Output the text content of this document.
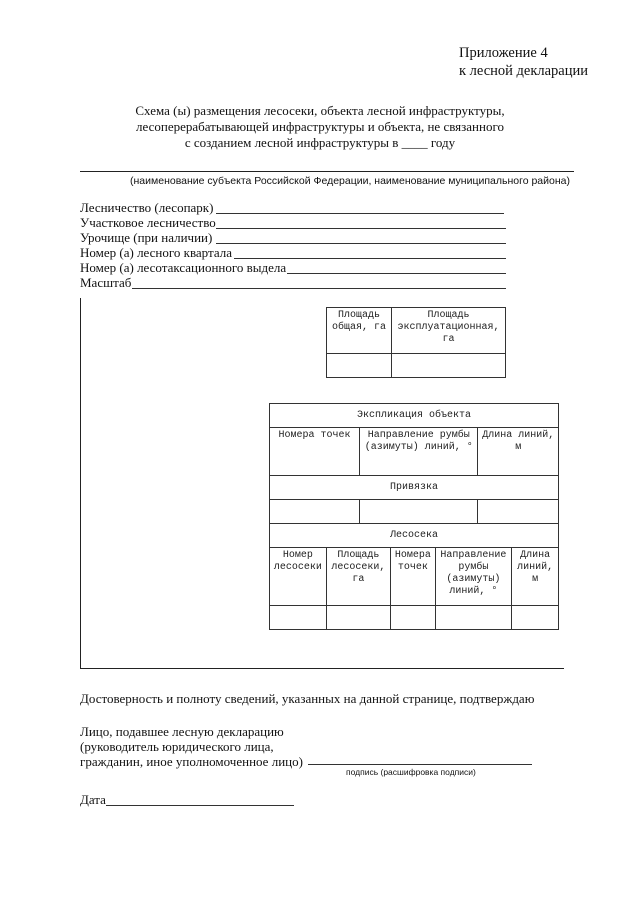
Приложение 4
к лесной декларации
Схема (ы) размещения лесосеки, объекта лесной инфраструктуры,
лесоперерабатывающей инфраструктуры и объекта, не связанного
с созданием лесной инфраструктуры в ____ году
(наименование субъекта Российской Федерации, наименование муниципального района)
Лесничество (лесопарк)
Участковое лесничество
Урочище (при наличии)
Номер (а) лесного квартала
Номер (а) лесотаксационного выдела
Масштаб
Площадь общая, га	Площадь эксплуатационная, га

Экспликация объекта						
Номера точек		Направление румбы (азимуты) линий, °			Длина линий, м	
Привязка						

Лесосека						
Номер лесосеки	Площадь лесосеки, га		Номера точек	Направление румбы (азимуты) линий, °		Длина линий, м

Достоверность и полноту сведений, указанных на данной странице, подтверждаю
Лицо, подавшее лесную декларацию
(руководитель юридического лица,
гражданин, иное уполномоченное лицо)
подпись (расшифровка подписи)
Дата
